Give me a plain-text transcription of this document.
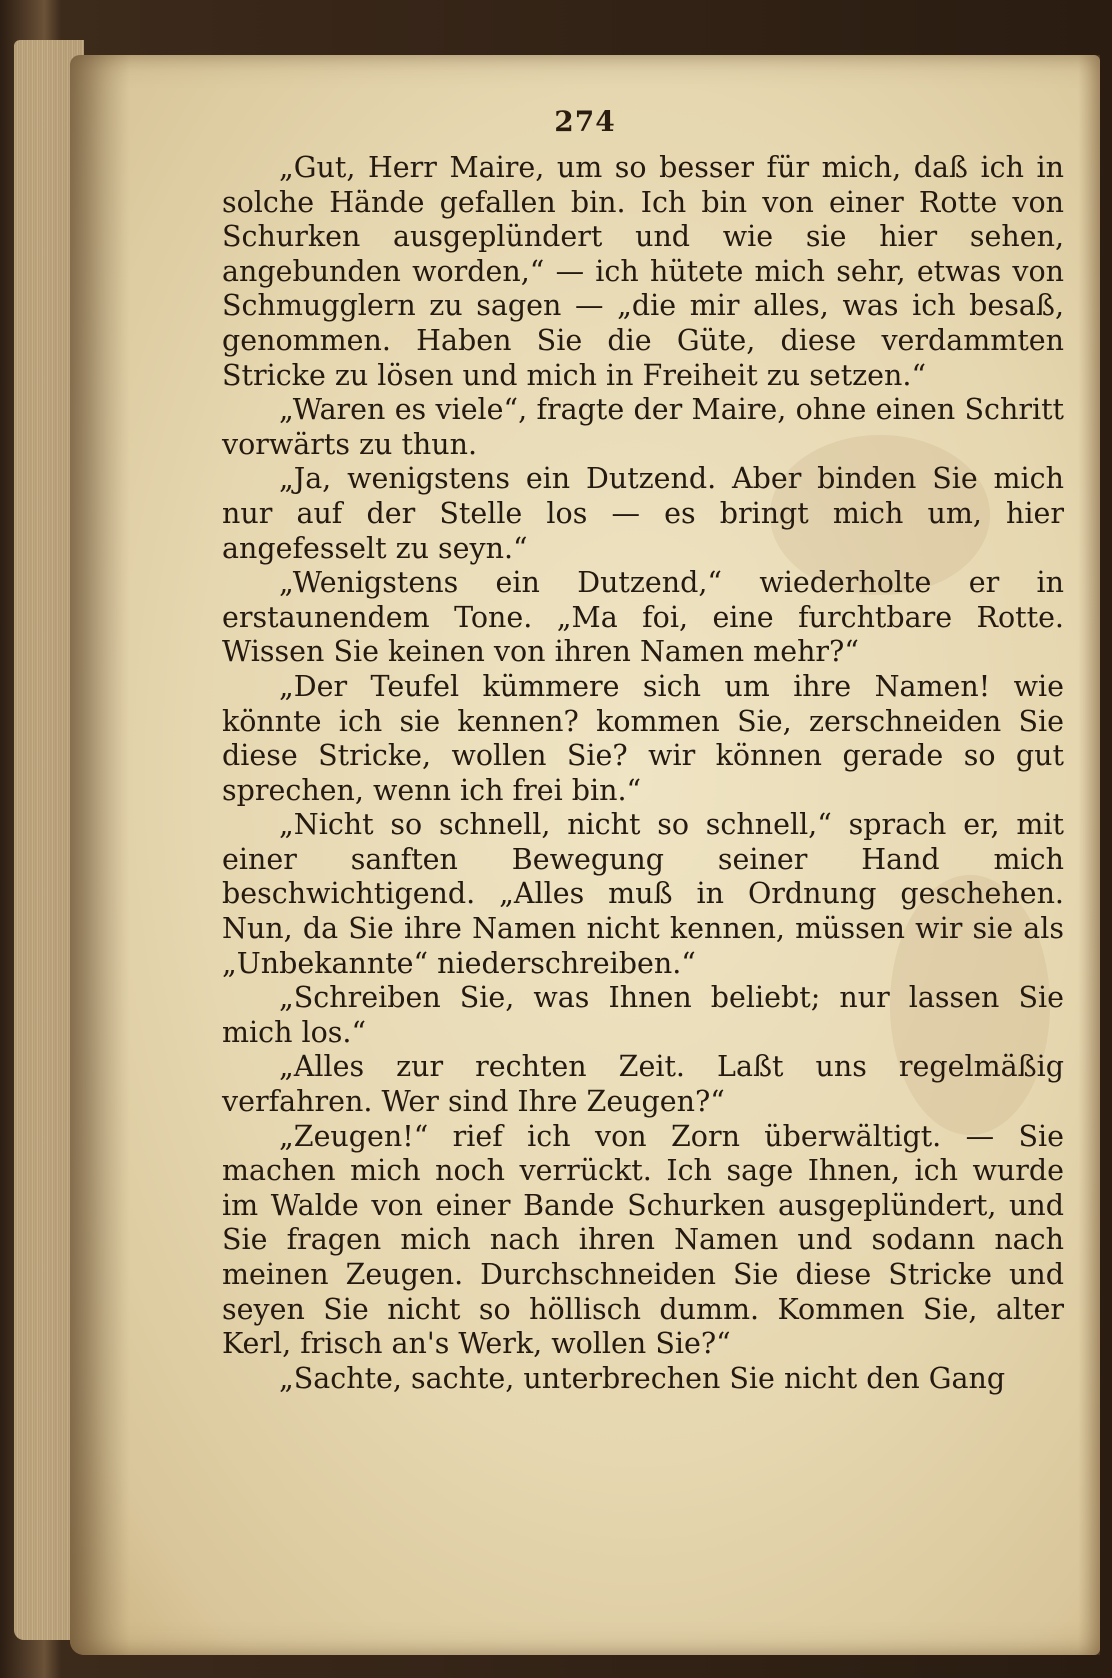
274

„Gut, Herr Maire, um so besser für mich, daß ich in solche Hände gefallen bin. Ich bin von einer Rotte von Schurken ausgeplündert und wie sie hier sehen, angebunden worden,“ — ich hütete mich sehr, etwas von Schmugglern zu sagen — „die mir alles, was ich besaß, genommen. Haben Sie die Güte, diese verdammten Stricke zu lösen und mich in Freiheit zu setzen.“

„Waren es viele“, fragte der Maire, ohne einen Schritt vorwärts zu thun.

„Ja, wenigstens ein Dutzend. Aber binden Sie mich nur auf der Stelle los — es bringt mich um, hier angefesselt zu seyn.“

„Wenigstens ein Dutzend,“ wiederholte er in erstaunendem Tone. „Ma foi, eine furchtbare Rotte. Wissen Sie keinen von ihren Namen mehr?“

„Der Teufel kümmere sich um ihre Namen! wie könnte ich sie kennen? kommen Sie, zerschneiden Sie diese Stricke, wollen Sie? wir können gerade so gut sprechen, wenn ich frei bin.“

„Nicht so schnell, nicht so schnell,“ sprach er, mit einer sanften Bewegung seiner Hand mich beschwichtigend. „Alles muß in Ordnung geschehen. Nun, da Sie ihre Namen nicht kennen, müssen wir sie als „Unbekannte“ niederschreiben.“

„Schreiben Sie, was Ihnen beliebt; nur lassen Sie mich los.“

„Alles zur rechten Zeit. Laßt uns regelmäßig verfahren. Wer sind Ihre Zeugen?“

„Zeugen!“ rief ich von Zorn überwältigt. — Sie machen mich noch verrückt. Ich sage Ihnen, ich wurde im Walde von einer Bande Schurken ausgeplündert, und Sie fragen mich nach ihren Namen und sodann nach meinen Zeugen. Durchschneiden Sie diese Stricke und seyen Sie nicht so höllisch dumm. Kommen Sie, alter Kerl, frisch an's Werk, wollen Sie?“

„Sachte, sachte, unterbrechen Sie nicht den Gang
